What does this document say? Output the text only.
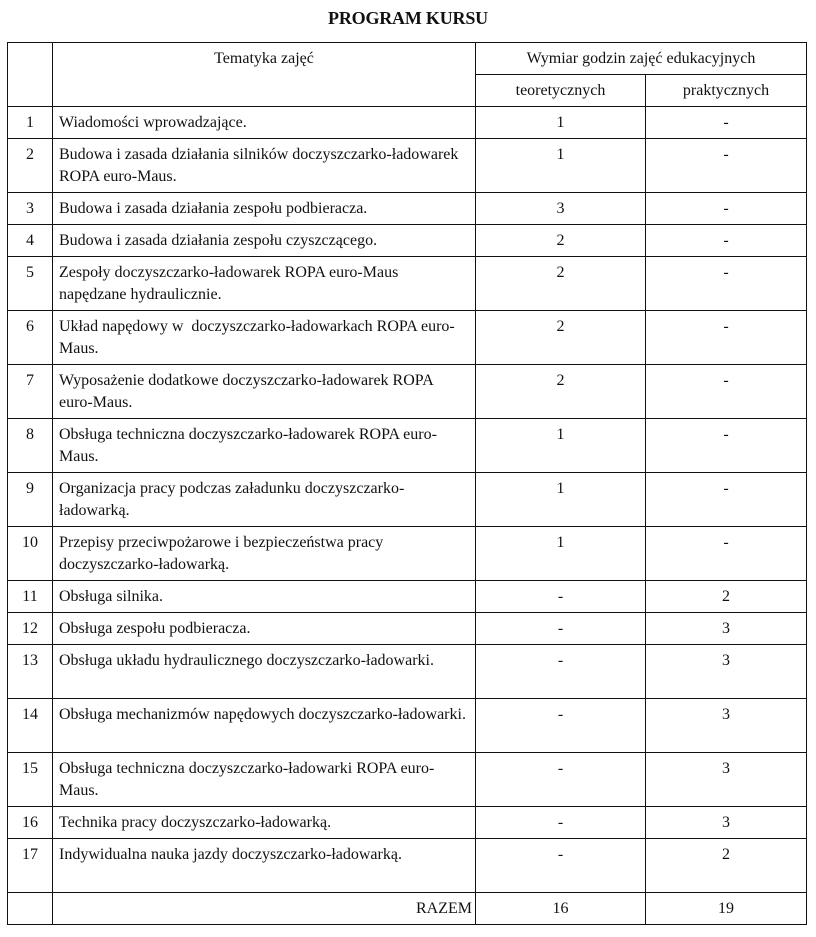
PROGRAM KURSU
	Tematyka zajęć	Wymiar godzin zajęć edukacyjnych	
		teoretycznych	praktycznych
1	Wiadomości wprowadzające.	1	-
2	Budowa i zasada działania silników doczyszczarko-ładowarek ROPA euro-Maus.	1	-
3	Budowa i zasada działania zespołu podbieracza.	3	-
4	Budowa i zasada działania zespołu czyszczącego.	2	-
5	Zespoły doczyszczarko-ładowarek ROPA euro-Maus napędzane hydraulicznie.	2	-
6	Układ napędowy w  doczyszczarko-ładowarkach ROPA euro-Maus.	2	-
7	Wyposażenie dodatkowe doczyszczarko-ładowarek ROPA euro-Maus.	2	-
8	Obsługa techniczna doczyszczarko-ładowarek ROPA euro-Maus.	1	-
9	Organizacja pracy podczas załadunku doczyszczarko-ładowarką.	1	-
10	Przepisy przeciwpożarowe i bezpieczeństwa pracy doczyszczarko-ładowarką.	1	-
11	Obsługa silnika.	-	2
12	Obsługa zespołu podbieracza.	-	3
13	Obsługa układu hydraulicznego doczyszczarko-ładowarki.	-	3
14	Obsługa mechanizmów napędowych doczyszczarko-ładowarki.	-	3
15	Obsługa techniczna doczyszczarko-ładowarki ROPA euro-Maus.	-	3
16	Technika pracy doczyszczarko-ładowarką.	-	3
17	Indywidualna nauka jazdy doczyszczarko-ładowarką.	-	2
	RAZEM	16	19
